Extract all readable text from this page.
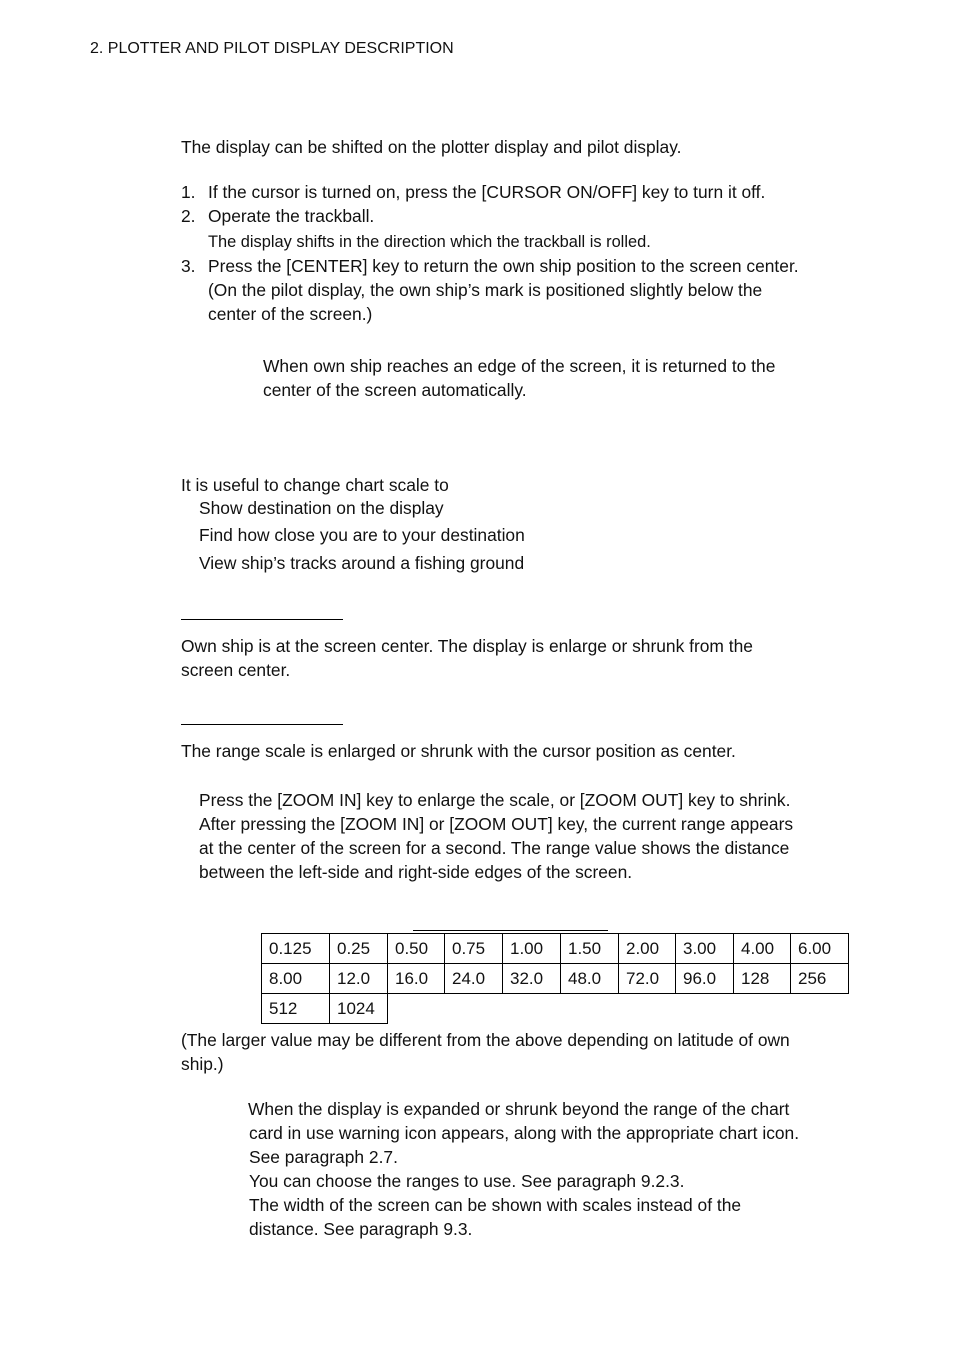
2. PLOTTER AND PILOT DISPLAY DESCRIPTION
The display can be shifted on the plotter display and pilot display.
1. If the cursor is turned on, press the [CURSOR ON/OFF] key to turn it off.
2. Operate the trackball.
The display shifts in the direction which the trackball is rolled.
3. Press the [CENTER] key to return the own ship position to the screen center.
(On the pilot display, the own ship’s mark is positioned slightly below the
center of the screen.)
When own ship reaches an edge of the screen, it is returned to the
center of the screen automatically.
It is useful to change chart scale to
Show destination on the display
Find how close you are to your destination
View ship’s tracks around a fishing ground
Own ship is at the screen center. The display is enlarge or shrunk from the
screen center.
The range scale is enlarged or shrunk with the cursor position as center.
Press the [ZOOM IN] key to enlarge the scale, or [ZOOM OUT] key to shrink.
After pressing the [ZOOM IN] or [ZOOM OUT] key, the current range appears
at the center of the screen for a second. The range value shows the distance
between the left-side and right-side edges of the screen.
0.125	0.25	0.50	0.75	1.00	1.50	2.00	3.00	4.00	6.00
8.00	12.0	16.0	24.0	32.0	48.0	72.0	96.0	128	256
512	1024								
(The larger value may be different from the above depending on latitude of own
ship.)
When the display is expanded or shrunk beyond the range of the chart
card in use warning icon appears, along with the appropriate chart icon.
See paragraph 2.7.
You can choose the ranges to use. See paragraph 9.2.3.
The width of the screen can be shown with scales instead of the
distance. See paragraph 9.3.
